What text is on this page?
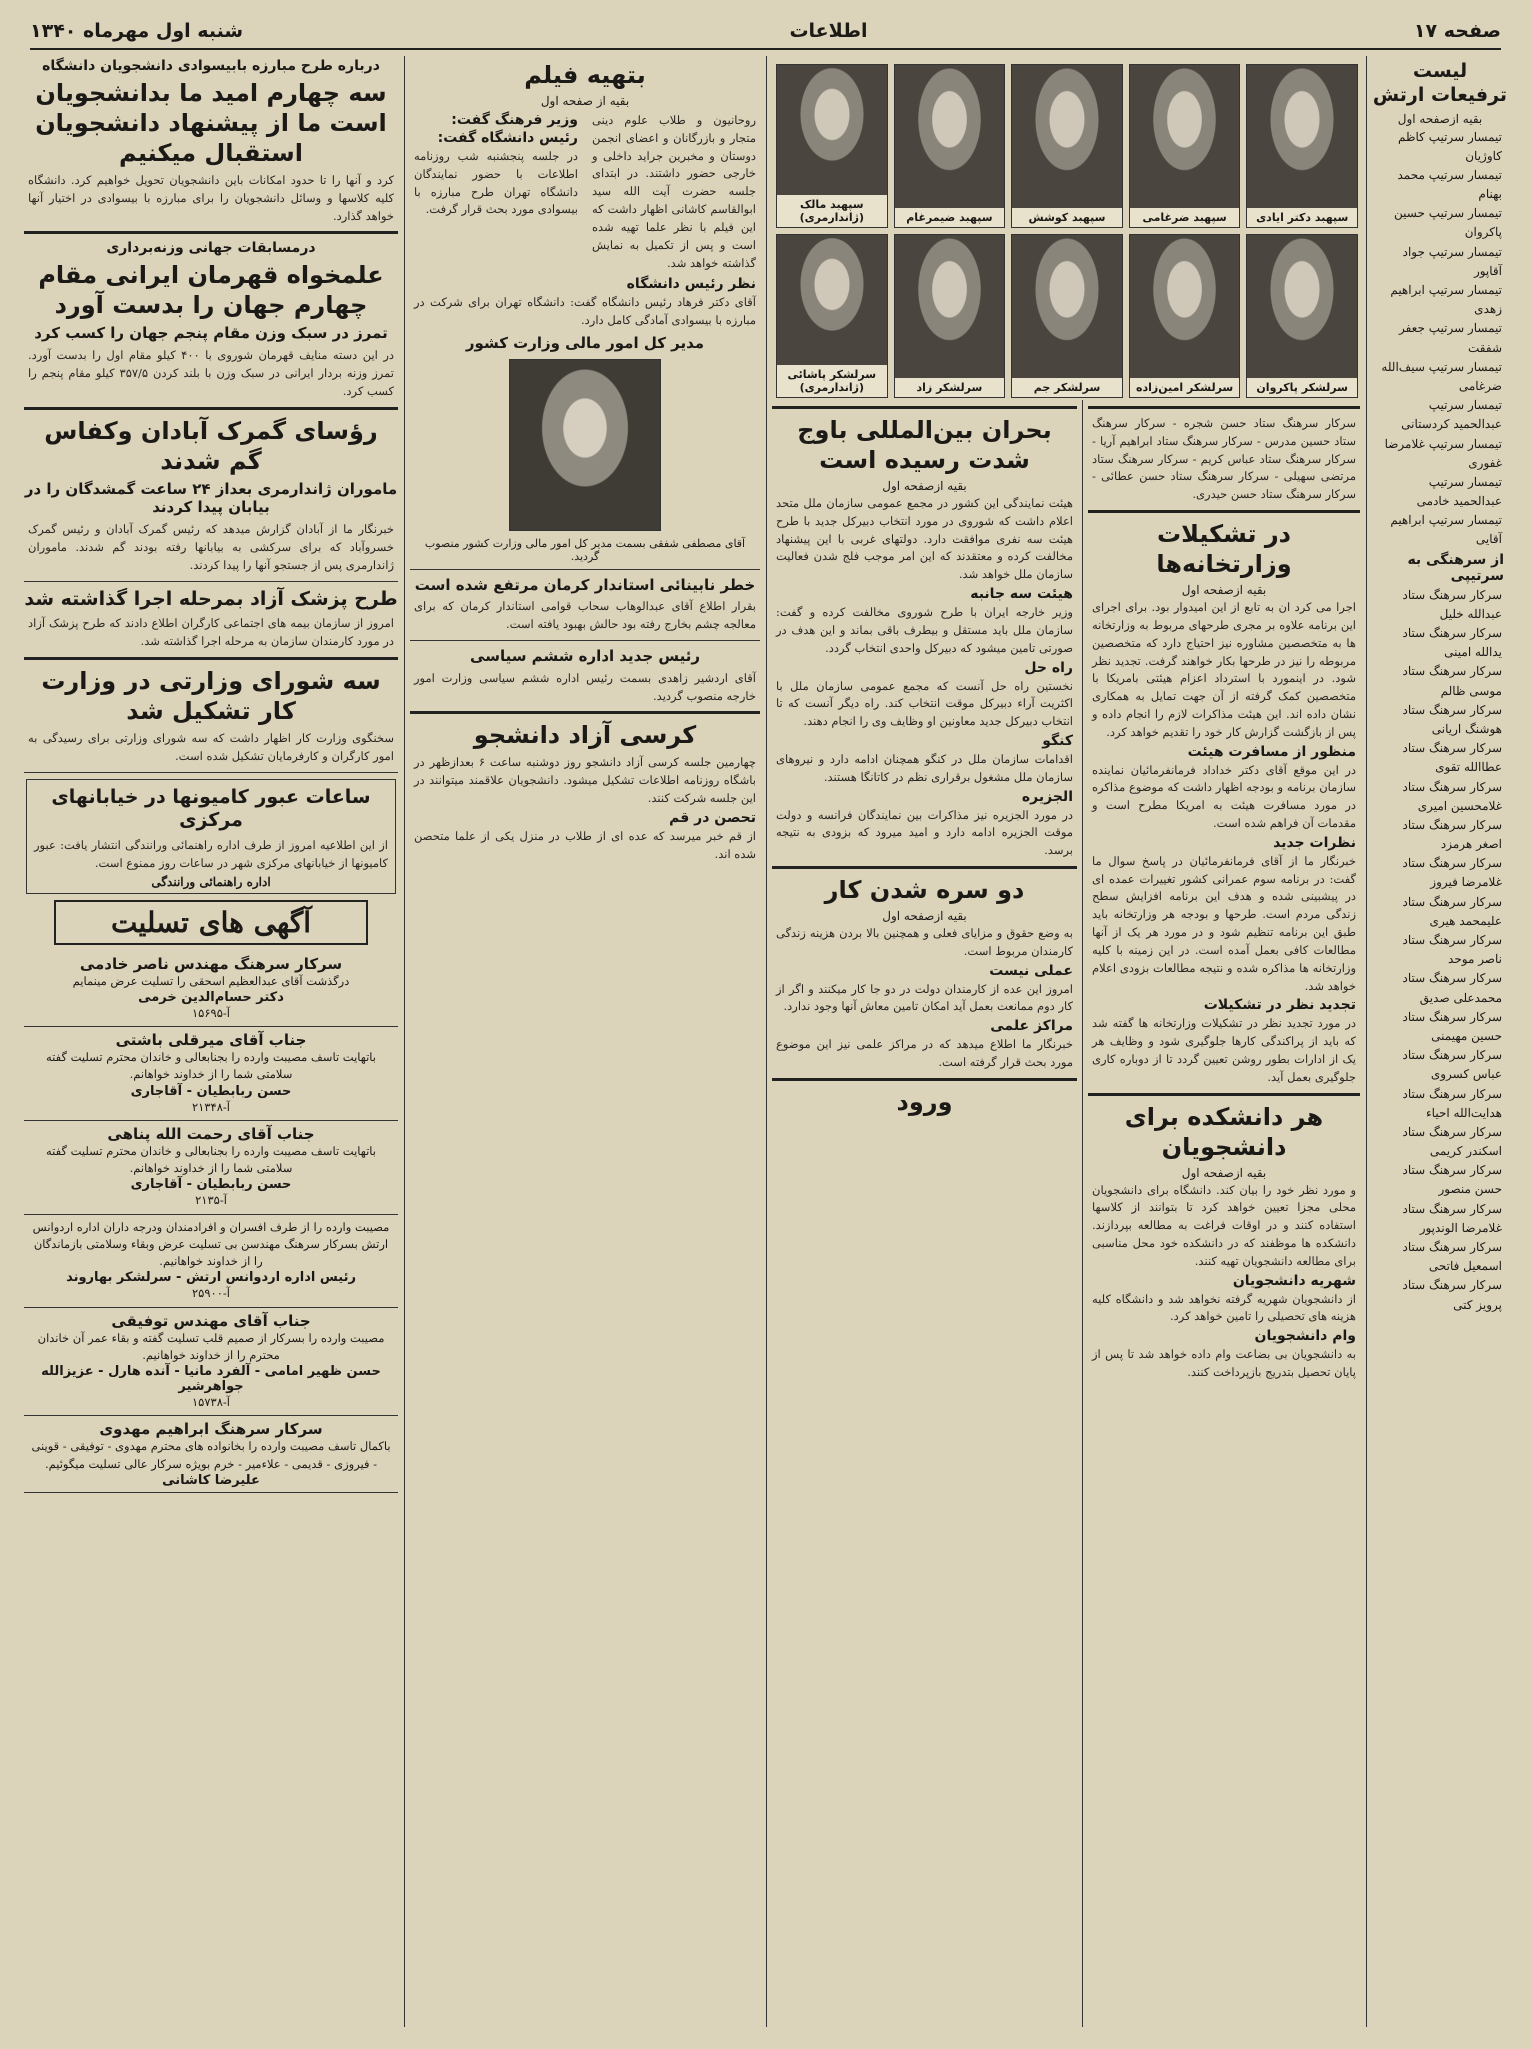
صفحه ۱۷
اطلاعات
شنبه اول مهرماه ۱۳۴۰
لیست ترفیعات ارتش
بقیه ازصفحه اول
تیمسار سرتیپ کاظم کاوژیان
تیمسار سرتیپ محمد بهنام
تیمسار سرتیپ حسین پاکروان
تیمسار سرتیپ جواد آقاپور
تیمسار سرتیپ ابراهیم زهدی
تیمسار سرتیپ جعفر شفقت
تیمسار سرتیپ سیف‌الله ضرغامی
تیمسار سرتیپ عبدالحمید کردستانی
تیمسار سرتیپ غلامرضا غفوری
تیمسار سرتیپ عبدالحمید خادمی
تیمسار سرتیپ ابراهیم آقایی
از سرهنگی به سرتیپی
سرکار سرهنگ ستاد عبدالله خلیل
سرکار سرهنگ ستاد یدالله امینی
سرکار سرهنگ ستاد موسی ظالم
سرکار سرهنگ ستاد هوشنگ اریانی
سرکار سرهنگ ستاد عطاالله تقوی
سرکار سرهنگ ستاد غلامحسین امیری
سرکار سرهنگ ستاد اصغر هرمزد
سرکار سرهنگ ستاد غلامرضا فیروز
سرکار سرهنگ ستاد علیمحمد هیری
سرکار سرهنگ ستاد ناصر موحد
سرکار سرهنگ ستاد محمدعلی صدیق
سرکار سرهنگ ستاد حسین مهیمنی
سرکار سرهنگ ستاد عباس کسروی
سرکار سرهنگ ستاد هدایت‌الله احیاء
سرکار سرهنگ ستاد اسکندر کریمی
سرکار سرهنگ ستاد حسن منصور
سرکار سرهنگ ستاد غلامرضا الوندپور
سرکار سرهنگ ستاد اسمعیل فاتحی
سرکار سرهنگ ستاد پرویز کتی
سپهبد دکتر ایادی
سپهبد ضرغامی
سپهبد کوشش
سپهبد ضیمرغام
سپهبد مالک (ژاندارمری)
سرلشکر پاکروان
سرلشکر امین‌زاده
سرلشکر جم
سرلشکر زاد
سرلشکر پاشائی (ژاندارمری)
سرکار سرهنگ ستاد حسن شجره - سرکار سرهنگ ستاد حسین مدرس - سرکار سرهنگ ستاد ابراهیم آریا - سرکار سرهنگ ستاد عباس کریم - سرکار سرهنگ ستاد مرتضی سهیلی - سرکار سرهنگ ستاد حسن عطائی - سرکار سرهنگ ستاد حسن حیدری.
در تشکیلات وزارتخانه‌ها
بقیه ازصفحه اول
اجرا می کرد ان به تابع از این امیدوار بود. برای اجرای این برنامه علاوه بر مجری طرحهای مربوط به وزارتخانه ها به متخصصین مشاوره نیز احتیاج دارد که متخصصین مربوطه را نیز در طرحها بکار خواهند گرفت. تجدید نظر شود. در اینمورد با استرداد اعزام هیئتی بامریکا با متخصصین کمک گرفته از آن جهت تمایل به همکاری نشان داده اند. این هیئت مذاکرات لازم را انجام داده و پس از بازگشت گزارش کار خود را تقدیم خواهد کرد.
منظور از مسافرت هیئت
در این موقع آقای دکتر خداداد فرمانفرمائیان نماینده سازمان برنامه و بودجه اظهار داشت که موضوع مذاکره در مورد مسافرت هیئت به امریکا مطرح است و مقدمات آن فراهم شده است.
نظرات جدید
خبرنگار ما از آقای فرمانفرمائیان در پاسخ سوال ما گفت: در برنامه سوم عمرانی کشور تغییرات عمده ای در پیشبینی شده و هدف این برنامه افزایش سطح زندگی مردم است. طرحها و بودجه هر وزارتخانه باید طبق این برنامه تنظیم شود و در مورد هر یک از آنها مطالعات کافی بعمل آمده است. در این زمینه با کلیه وزارتخانه ها مذاکره شده و نتیجه مطالعات بزودی اعلام خواهد شد.
تجدید نظر در تشکیلات
در مورد تجدید نظر در تشکیلات وزارتخانه ها گفته شد که باید از پراکندگی کارها جلوگیری شود و وظایف هر یک از ادارات بطور روشن تعیین گردد تا از دوباره کاری جلوگیری بعمل آید.
هر دانشکده برای دانشجویان
بقیه ازصفحه اول
و مورد نظر خود را بیان کند. دانشگاه برای دانشجویان محلی مجزا تعیین خواهد کرد تا بتوانند از کلاسها استفاده کنند و در اوقات فراغت به مطالعه بپردازند. دانشکده ها موظفند که در دانشکده خود محل مناسبی برای مطالعه دانشجویان تهیه کنند.
شهریه دانشجویان
از دانشجویان شهریه گرفته نخواهد شد و دانشگاه کلیه هزینه های تحصیلی را تامین خواهد کرد.
وام دانشجویان
به دانشجویان بی بضاعت وام داده خواهد شد تا پس از پایان تحصیل بتدریج بازپرداخت کنند.
بحران بین‌المللی باوج شدت رسیده است
بقیه ازصفحه اول
هیئت نمایندگی این کشور در مجمع عمومی سازمان ملل متحد اعلام داشت که شوروی در مورد انتخاب دبیرکل جدید با طرح هیئت سه نفری موافقت دارد. دولتهای غربی با این پیشنهاد مخالفت کرده و معتقدند که این امر موجب فلج شدن فعالیت سازمان ملل خواهد شد.
هیئت سه جانبه
وزیر خارجه ایران با طرح شوروی مخالفت کرده و گفت: سازمان ملل باید مستقل و بیطرف باقی بماند و این هدف در صورتی تامین میشود که دبیرکل واحدی انتخاب گردد.
راه حل
نخستین راه حل آنست که مجمع عمومی سازمان ملل با اکثریت آراء دبیرکل موقت انتخاب کند. راه دیگر آنست که تا انتخاب دبیرکل جدید معاونین او وظایف وی را انجام دهند.
کنگو
اقدامات سازمان ملل در کنگو همچنان ادامه دارد و نیروهای سازمان ملل مشغول برقراری نظم در کاتانگا هستند.
الجزیره
در مورد الجزیره نیز مذاکرات بین نمایندگان فرانسه و دولت موقت الجزیره ادامه دارد و امید میرود که بزودی به نتیجه برسد.
دو سره شدن کار
بقیه ازصفحه اول
به وضع حقوق و مزایای فعلی و همچنین بالا بردن هزینه زندگی کارمندان مربوط است.
عملی نیست
امروز این عده از کارمندان دولت در دو جا کار میکنند و اگر از کار دوم ممانعت بعمل آید امکان تامین معاش آنها وجود ندارد.
مراکز علمی
خبرنگار ما اطلاع میدهد که در مراکز علمی نیز این موضوع مورد بحث قرار گرفته است.
ورود
بتهیه فیلم
بقیه از صفحه اول
روحانیون و طلاب علوم دینی متجار و بازرگانان و اعضای انجمن دوستان و مخبرین جراید داخلی و خارجی حضور داشتند. در ابتدای جلسه حضرت آیت الله سید ابوالقاسم کاشانی اظهار داشت که این فیلم با نظر علما تهیه شده است و پس از تکمیل به نمایش گذاشته خواهد شد.
وزیر فرهنگ گفت:
رئیس دانشگاه گفت:
در جلسه پنجشنبه شب روزنامه اطلاعات با حضور نمایندگان دانشگاه تهران طرح مبارزه با بیسوادی مورد بحث قرار گرفت.
نظر رئیس دانشگاه
آقای دکتر فرهاد رئیس دانشگاه گفت: دانشگاه تهران برای شرکت در مبارزه با بیسوادی آمادگی کامل دارد.
مدیر کل امور مالی وزارت کشور
آقای مصطفی شفقی بسمت مدیر کل امور مالی وزارت کشور منصوب گردید.
خطر نابینائی استاندار کرمان مرتفع شده است
بقرار اطلاع آقای عبدالوهاب سحاب قوامی استاندار کرمان که برای معالجه چشم بخارج رفته بود حالش بهبود یافته است.
رئیس جدید اداره ششم سیاسی
آقای اردشیر زاهدی بسمت رئیس اداره ششم سیاسی وزارت امور خارجه منصوب گردید.
کرسی آزاد دانشجو
چهارمین جلسه کرسی آزاد دانشجو روز دوشنبه ساعت ۶ بعدازظهر در باشگاه روزنامه اطلاعات تشکیل میشود. دانشجویان علاقمند میتوانند در این جلسه شرکت کنند.
تحصن در قم
از قم خبر میرسد که عده ای از طلاب در منزل یکی از علما متحصن شده اند.
درباره طرح مبارزه بابیسوادی دانشجویان دانشگاه
سه چهارم امید ما بدانشجویان است ما از پیشنهاد دانشجویان استقبال میکنیم
کرد و آنها را تا حدود امکانات باین دانشجویان تحویل خواهیم کرد. دانشگاه کلیه کلاسها و وسائل دانشجویان را برای مبارزه با بیسوادی در اختیار آنها خواهد گذارد.
درمسابقات جهانی وزنه‌برداری
علمخواه قهرمان ایرانی مقام چهارم جهان را بدست آورد
تمرز در سبک وزن مقام پنجم جهان را کسب کرد
در این دسته منایف قهرمان شوروی با ۴۰۰ کیلو مقام اول را بدست آورد. تمرز وزنه بردار ایرانی در سبک وزن با بلند کردن ۳۵۷/۵ کیلو مقام پنجم را کسب کرد.
رؤسای گمرک آبادان وکفاس گم شدند
ماموران ژاندارمری بعداز ۲۴ ساعت گمشدگان را در بیابان پیدا کردند
خبرنگار ما از آبادان گزارش میدهد که رئیس گمرک آبادان و رئیس گمرک خسروآباد که برای سرکشی به بیابانها رفته بودند گم شدند. ماموران ژاندارمری پس از جستجو آنها را پیدا کردند.
طرح پزشک آزاد بمرحله اجرا گذاشته شد
امروز از سازمان بیمه های اجتماعی کارگران اطلاع دادند که طرح پزشک آزاد در مورد کارمندان سازمان به مرحله اجرا گذاشته شد.
سه شورای وزارتی در وزارت کار تشکیل شد
سخنگوی وزارت کار اظهار داشت که سه شورای وزارتی برای رسیدگی به امور کارگران و کارفرمایان تشکیل شده است.
ساعات عبور کامیونها در خیابانهای مرکزی
از این اطلاعیه امروز از طرف اداره راهنمائی ورانندگی انتشار یافت: عبور کامیونها از خیابانهای مرکزی شهر در ساعات روز ممنوع است.
اداره راهنمائی ورانندگی
آگهی های تسلیت
سرکار سرهنگ مهندس ناصر خادمی
درگذشت آقای عبدالعظیم اسحقی را تسلیت عرض مینمایم
دکتر حسام‌الدین خرمی
آ-۱۵۶۹۵
جناب آقای میرقلی باشتی
باتهایت تاسف مصیبت وارده را بجنابعالی و خاندان محترم تسلیت گفته سلامتی شما را از خداوند خواهانم.
حسن ربابطیان - آقاجاری
آ-۲۱۳۴۸
جناب آقای رحمت الله پناهی
باتهایت تاسف مصیبت وارده را بجنابعالی و خاندان محترم تسلیت گفته سلامتی شما را از خداوند خواهانم.
حسن ربابطیان - آقاجاری
آ-۲۱۳۵
مصیبت وارده را از طرف افسران و افرادمندان ودرجه داران اداره اردوانس ارتش بسرکار سرهنگ مهندسن بی تسلیت عرض وبقاء وسلامتی بازماندگان را از خداوند خواهانیم.
رئیس اداره اردوانس ارتش - سرلشکر بهاروند
آ-۲۵۹۰۰
جناب آقای مهندس توفیقی
مصیبت وارده را بسرکار از صمیم قلب تسلیت گفته و بقاء عمر آن خاندان محترم را از خداوند خواهانیم.
حسن ظهیر امامی - آلفرد مانیا - آنده هارل - عزیزالله جواهرشیر
آ-۱۵۷۳۸
سرکار سرهنگ ابراهیم مهدوی
باکمال تاسف مصیبت وارده را بخانواده های محترم مهدوی - توفیقی - قوینی - فیروزی - قدیمی - علاءمیر - خرم بویژه سرکار عالی تسلیت میگوئیم.
علیرضا کاشانی
